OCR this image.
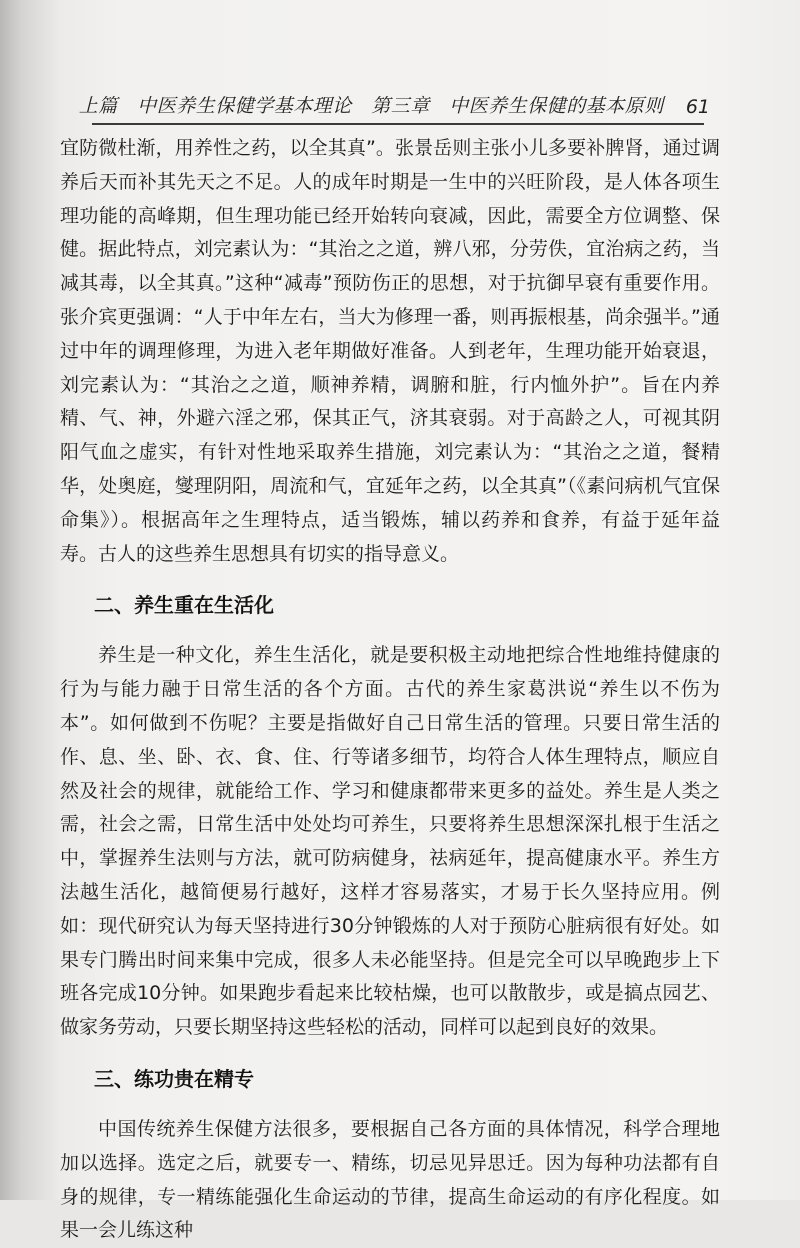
上篇　中医养生保健学基本理论　第三章　中医养生保健的基本原则 61

宜防微杜渐，用养性之药，以全其真”。张景岳则主张小儿多要补脾肾，通过调养后天而补其先天之不足。人的成年时期是一生中的兴旺阶段，是人体各项生理功能的高峰期，但生理功能已经开始转向衰减，因此，需要全方位调整、保健。据此特点，刘完素认为：“其治之之道，辨八邪，分劳佚，宜治病之药，当减其毒，以全其真。”这种“减毒”预防伤正的思想，对于抗御早衰有重要作用。张介宾更强调：“人于中年左右，当大为修理一番，则再振根基，尚余强半。”通过中年的调理修理，为进入老年期做好准备。人到老年，生理功能开始衰退，刘完素认为：“其治之之道，顺神养精，调腑和脏，行内恤外护”。旨在内养精、气、神，外避六淫之邪，保其正气，济其衰弱。对于高龄之人，可视其阴阳气血之虚实，有针对性地采取养生措施，刘完素认为：“其治之之道，餐精华，处奥庭，燮理阴阳，周流和气，宜延年之药，以全其真”（《素问病机气宜保命集》）。根据高年之生理特点，适当锻炼，辅以药养和食养，有益于延年益寿。古人的这些养生思想具有切实的指导意义。

二、养生重在生活化

养生是一种文化，养生生活化，就是要积极主动地把综合性地维持健康的行为与能力融于日常生活的各个方面。古代的养生家葛洪说“养生以不伤为本”。如何做到不伤呢？主要是指做好自己日常生活的管理。只要日常生活的作、息、坐、卧、衣、食、住、行等诸多细节，均符合人体生理特点，顺应自然及社会的规律，就能给工作、学习和健康都带来更多的益处。养生是人类之需，社会之需，日常生活中处处均可养生，只要将养生思想深深扎根于生活之中，掌握养生法则与方法，就可防病健身，祛病延年，提高健康水平。养生方法越生活化，越简便易行越好，这样才容易落实，才易于长久坚持应用。例如：现代研究认为每天坚持进行30分钟锻炼的人对于预防心脏病很有好处。如果专门腾出时间来集中完成，很多人未必能坚持。但是完全可以早晚跑步上下班各完成10分钟。如果跑步看起来比较枯燥，也可以散散步，或是搞点园艺、做家务劳动，只要长期坚持这些轻松的活动，同样可以起到良好的效果。

三、练功贵在精专

中国传统养生保健方法很多，要根据自己各方面的具体情况，科学合理地加以选择。选定之后，就要专一、精练，切忌见异思迁。因为每种功法都有自身的规律，专一精练能强化生命运动的节律，提高生命运动的有序化程度。如果一会儿练这种
